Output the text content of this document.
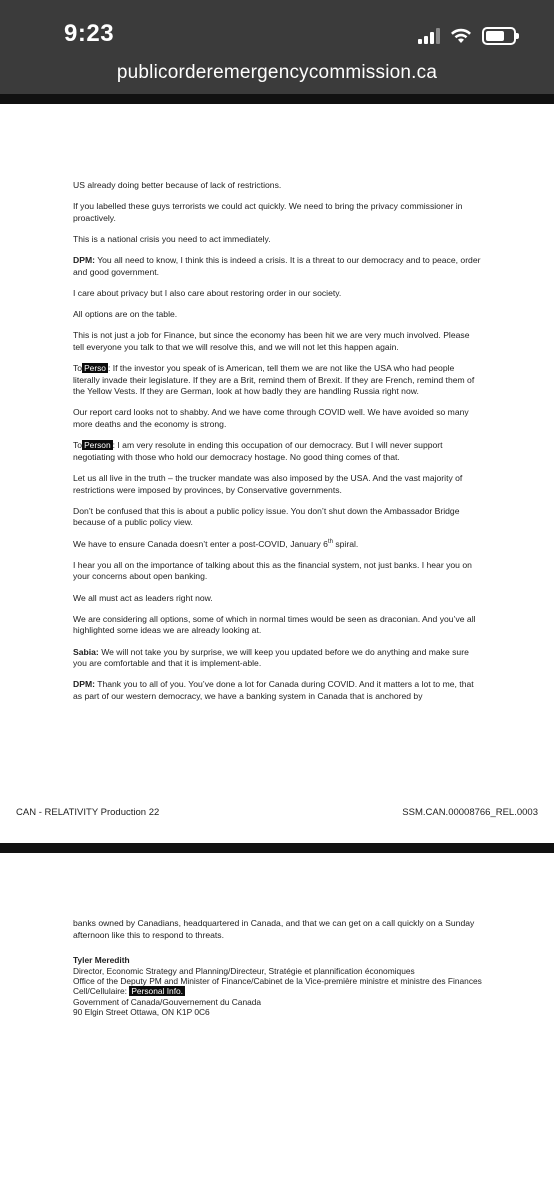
9:23
publicorderemergencycommission.ca

US already doing better because of lack of restrictions.

If you labelled these guys terrorists we could act quickly. We need to bring the privacy commissioner in proactively.

This is a national crisis you need to act immediately.

DPM: You all need to know, I think this is indeed a crisis. It is a threat to our democracy and to peace, order and good government.

I care about privacy but I also care about restoring order in our society.

All options are on the table.

This is not just a job for Finance, but since the economy has been hit we are very much involved. Please tell everyone you talk to that we will resolve this, and we will not let this happen again.

To Perso : If the investor you speak of is American, tell them we are not like the USA who had people literally invade their legislature. If they are a Brit, remind them of Brexit. If they are French, remind them of the Yellow Vests. If they are German, look at how badly they are handling Russia right now.

Our report card looks not to shabby. And we have come through COVID well. We have avoided so many more deaths and the economy is strong.

To Person : I am very resolute in ending this occupation of our democracy. But I will never support negotiating with those who hold our democracy hostage. No good thing comes of that.

Let us all live in the truth – the trucker mandate was also imposed by the USA. And the vast majority of restrictions were imposed by provinces, by Conservative governments.

Don’t be confused that this is about a public policy issue. You don’t shut down the Ambassador Bridge because of a public policy view.

We have to ensure Canada doesn’t enter a post-COVID, January 6th spiral.

I hear you all on the importance of talking about this as the financial system, not just banks. I hear you on your concerns about open banking.

We all must act as leaders right now.

We are considering all options, some of which in normal times would be seen as draconian. And you’ve all highlighted some ideas we are already looking at.

Sabia: We will not take you by surprise, we will keep you updated before we do anything and make sure you are comfortable and that it is implement-able.

DPM: Thank you to all of you. You’ve done a lot for Canada during COVID. And it matters a lot to me, that as part of our western democracy, we have a banking system in Canada that is anchored by

CAN - RELATIVITY Production 22	SSM.CAN.00008766_REL.0003

banks owned by Canadians, headquartered in Canada, and that we can get on a call quickly on a Sunday afternoon like this to respond to threats.

Tyler Meredith
Director, Economic Strategy and Planning/Directeur, Stratégie et plannification économiques
Office of the Deputy PM and Minister of Finance/Cabinet de la Vice-première ministre et ministre des Finances
Cell/Cellulaire: Personal Info.
Government of Canada/Gouvernement du Canada
90 Elgin Street Ottawa, ON K1P 0C6
